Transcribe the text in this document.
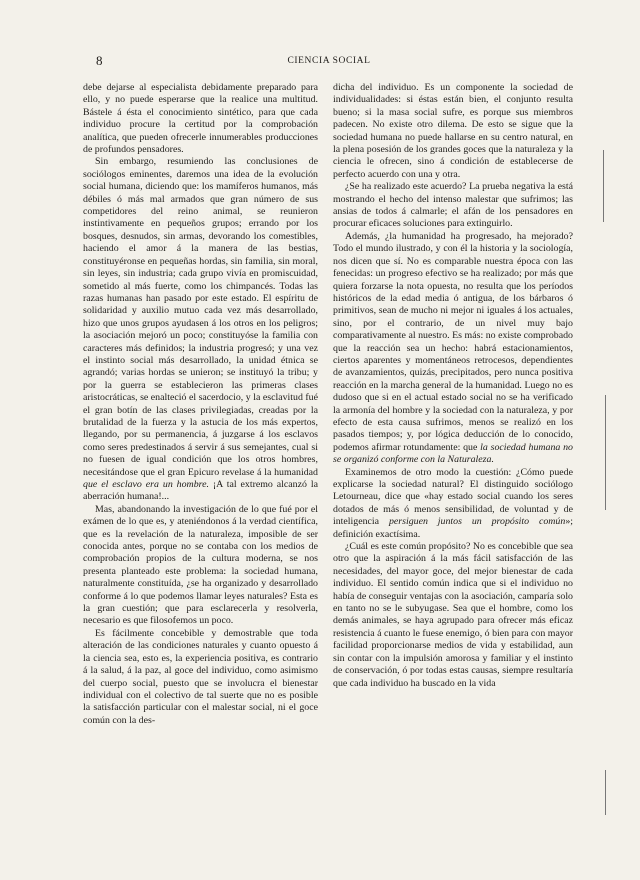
8	CIENCIA SOCIAL

debe dejarse al especialista debidamente preparado para ello, y no puede esperarse que la realice una multitud. Bástele á ésta el conocimiento sintético, para que cada individuo procure la certitud por la comprobación analítica, que pueden ofrecerle innumerables producciones de profundos pensadores.

Sin embargo, resumiendo las conclusiones de sociólogos eminentes, daremos una idea de la evolución social humana, diciendo que: los mamíferos humanos, más débiles ó más mal armados que gran número de sus competidores del reino animal, se reunieron instintivamente en pequeños grupos; errando por los bosques, desnudos, sin armas, devorando los comestibles, haciendo el amor á la manera de las bestias, constituyéronse en pequeñas hordas, sin familia, sin moral, sin leyes, sin industria; cada grupo vivía en promiscuidad, sometido al más fuerte, como los chimpancés. Todas las razas humanas han pasado por este estado. El espíritu de solidaridad y auxilio mutuo cada vez más desarrollado, hizo que unos grupos ayudasen á los otros en los peligros; la asociación mejoró un poco; constituyóse la familia con caracteres más definidos; la industria progresó; y una vez el instinto social más desarrollado, la unidad étnica se agrandó; varias hordas se unieron; se instituyó la tribu; y por la guerra se establecieron las primeras clases aristocráticas, se enalteció el sacerdocio, y la esclavitud fué el gran botín de las clases privilegiadas, creadas por la brutalidad de la fuerza y la astucia de los más expertos, llegando, por su permanencia, á juzgarse á los esclavos como seres predestinados á servir á sus semejantes, cual si no fuesen de igual condición que los otros hombres, necesitándose que el gran Epicuro revelase á la humanidad que el esclavo era un hombre. ¡A tal extremo alcanzó la aberración humana!...

Mas, abandonando la investigación de lo que fué por el exámen de lo que es, y ateniéndonos á la verdad científica, que es la revelación de la naturaleza, imposible de ser conocida antes, porque no se contaba con los medios de comprobación propios de la cultura moderna, se nos presenta planteado este problema: la sociedad humana, naturalmente constituída, ¿se ha organizado y desarrollado conforme á lo que podemos llamar leyes naturales? Esta es la gran cuestión; que para esclarecerla y resolverla, necesario es que filosofemos un poco.

Es fácilmente concebible y demostrable que toda alteración de las condiciones naturales y cuanto opuesto á la ciencia sea, esto es, la experiencia positiva, es contrario á la salud, á la paz, al goce del individuo, como asimismo del cuerpo social, puesto que se involucra el bienestar individual con el colectivo de tal suerte que no es posible la satisfacción particular con el malestar social, ni el goce común con la des-

dicha del individuo. Es un componente la sociedad de individualidades: si éstas están bien, el conjunto resulta bueno; si la masa social sufre, es porque sus miembros padecen. No existe otro dilema. De esto se sigue que la sociedad humana no puede hallarse en su centro natural, en la plena posesión de los grandes goces que la naturaleza y la ciencia le ofrecen, sino á condición de establecerse de perfecto acuerdo con una y otra.

¿Se ha realizado este acuerdo? La prueba negativa la está mostrando el hecho del intenso malestar que sufrimos; las ansias de todos á calmarle; el afán de los pensadores en procurar eficaces soluciones para extinguirlo.

Además, ¿la humanidad ha progresado, ha mejorado? Todo el mundo ilustrado, y con él la historia y la sociología, nos dicen que sí. No es comparable nuestra época con las fenecidas: un progreso efectivo se ha realizado; por más que quiera forzarse la nota opuesta, no resulta que los períodos históricos de la edad media ó antigua, de los bárbaros ó primitivos, sean de mucho ni mejor ni iguales á los actuales, sino, por el contrario, de un nivel muy bajo comparativamente al nuestro. Es más: no existe comprobado que la reacción sea un hecho: habrá estacionamientos, ciertos aparentes y momentáneos retrocesos, dependientes de avanzamientos, quizás, precipitados, pero nunca positiva reacción en la marcha general de la humanidad. Luego no es dudoso que si en el actual estado social no se ha verificado la armonía del hombre y la sociedad con la naturaleza, y por efecto de esta causa sufrimos, menos se realizó en los pasados tiempos; y, por lógica deducción de lo conocido, podemos afirmar rotundamente: que la sociedad humana no se organizó conforme con la Naturaleza.

Examinemos de otro modo la cuestión: ¿Cómo puede explicarse la sociedad natural? El distinguido sociólogo Letourneau, dice que «hay estado social cuando los seres dotados de más ó menos sensibilidad, de voluntad y de inteligencia persiguen juntos un propósito común»; definición exactísima.

¿Cuál es este común propósito? No es concebible que sea otro que la aspiración á la más fácil satisfacción de las necesidades, del mayor goce, del mejor bienestar de cada individuo. El sentido común indica que si el individuo no había de conseguir ventajas con la asociación, camparía solo en tanto no se le subyugase. Sea que el hombre, como los demás animales, se haya agrupado para ofrecer más eficaz resistencia á cuanto le fuese enemigo, ó bien para con mayor facilidad proporcionarse medios de vida y estabilidad, aun sin contar con la impulsión amorosa y familiar y el instinto de conservación, ó por todas estas causas, siempre resultaría que cada individuo ha buscado en la vida
